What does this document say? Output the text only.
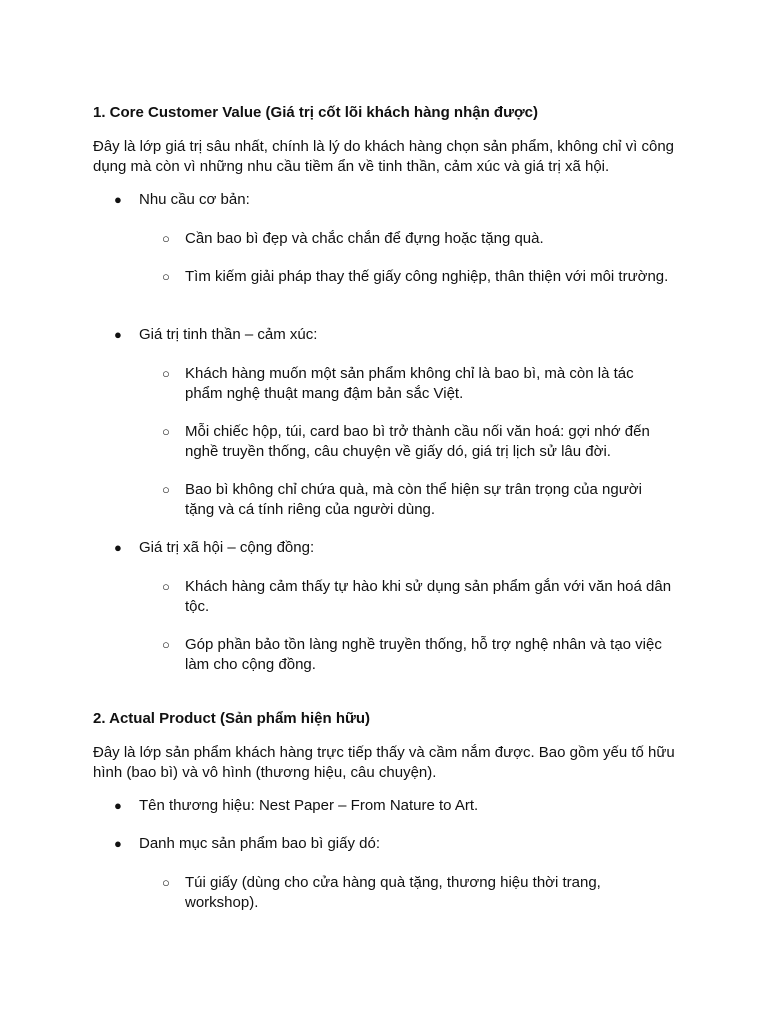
1. Core Customer Value (Giá trị cốt lõi khách hàng nhận được)
Đây là lớp giá trị sâu nhất, chính là lý do khách hàng chọn sản phẩm, không chỉ vì công dụng mà còn vì những nhu cầu tiềm ẩn về tinh thần, cảm xúc và giá trị xã hội.
●	Nhu cầu cơ bản:
○ Cần bao bì đẹp và chắc chắn để đựng hoặc tặng quà.
○ Tìm kiếm giải pháp thay thế giấy công nghiệp, thân thiện với môi trường.
●	Giá trị tinh thần – cảm xúc:
○ Khách hàng muốn một sản phẩm không chỉ là bao bì, mà còn là tác phẩm nghệ thuật mang đậm bản sắc Việt.
○ Mỗi chiếc hộp, túi, card bao bì trở thành cầu nối văn hoá: gợi nhớ đến nghề truyền thống, câu chuyện về giấy dó, giá trị lịch sử lâu đời.
○ Bao bì không chỉ chứa quà, mà còn thể hiện sự trân trọng của người tặng và cá tính riêng của người dùng.
●	Giá trị xã hội – cộng đồng:
○ Khách hàng cảm thấy tự hào khi sử dụng sản phẩm gắn với văn hoá dân tộc.
○ Góp phần bảo tồn làng nghề truyền thống, hỗ trợ nghệ nhân và tạo việc làm cho cộng đồng.
2. Actual Product (Sản phẩm hiện hữu)
Đây là lớp sản phẩm khách hàng trực tiếp thấy và cầm nắm được. Bao gồm yếu tố hữu hình (bao bì) và vô hình (thương hiệu, câu chuyện).
●	Tên thương hiệu: Nest Paper – From Nature to Art.
●	Danh mục sản phẩm bao bì giấy dó:
○ Túi giấy (dùng cho cửa hàng quà tặng, thương hiệu thời trang, workshop).
